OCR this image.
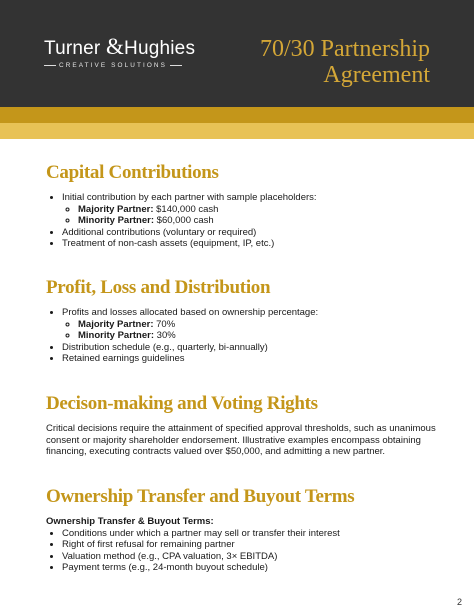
Turner &Hughies
CREATIVE SOLUTIONS
70/30 Partnership
Agreement
Capital Contributions
• Initial contribution by each partner with sample placeholders:
◦ Majority Partner: $140,000 cash
◦ Minority Partner: $60,000 cash
• Additional contributions (voluntary or required)
• Treatment of non-cash assets (equipment, IP, etc.)
Profit, Loss and Distribution
• Profits and losses allocated based on ownership percentage:
◦ Majority Partner: 70%
◦ Minority Partner: 30%
• Distribution schedule (e.g., quarterly, bi-annually)
• Retained earnings guidelines
Decison-making and Voting Rights

Critical decisions require the attainment of specified approval thresholds, such as unanimous consent or majority shareholder endorsement. Illustrative examples encompass obtaining financing, executing contracts valued over $50,000, and admitting a new partner.

Ownership Transfer and Buyout Terms

Ownership Transfer & Buyout Terms:

• Conditions under which a partner may sell or transfer their interest
• Right of first refusal for remaining partner
• Valuation method (e.g., CPA valuation, 3× EBITDA)
• Payment terms (e.g., 24-month buyout schedule)
2
